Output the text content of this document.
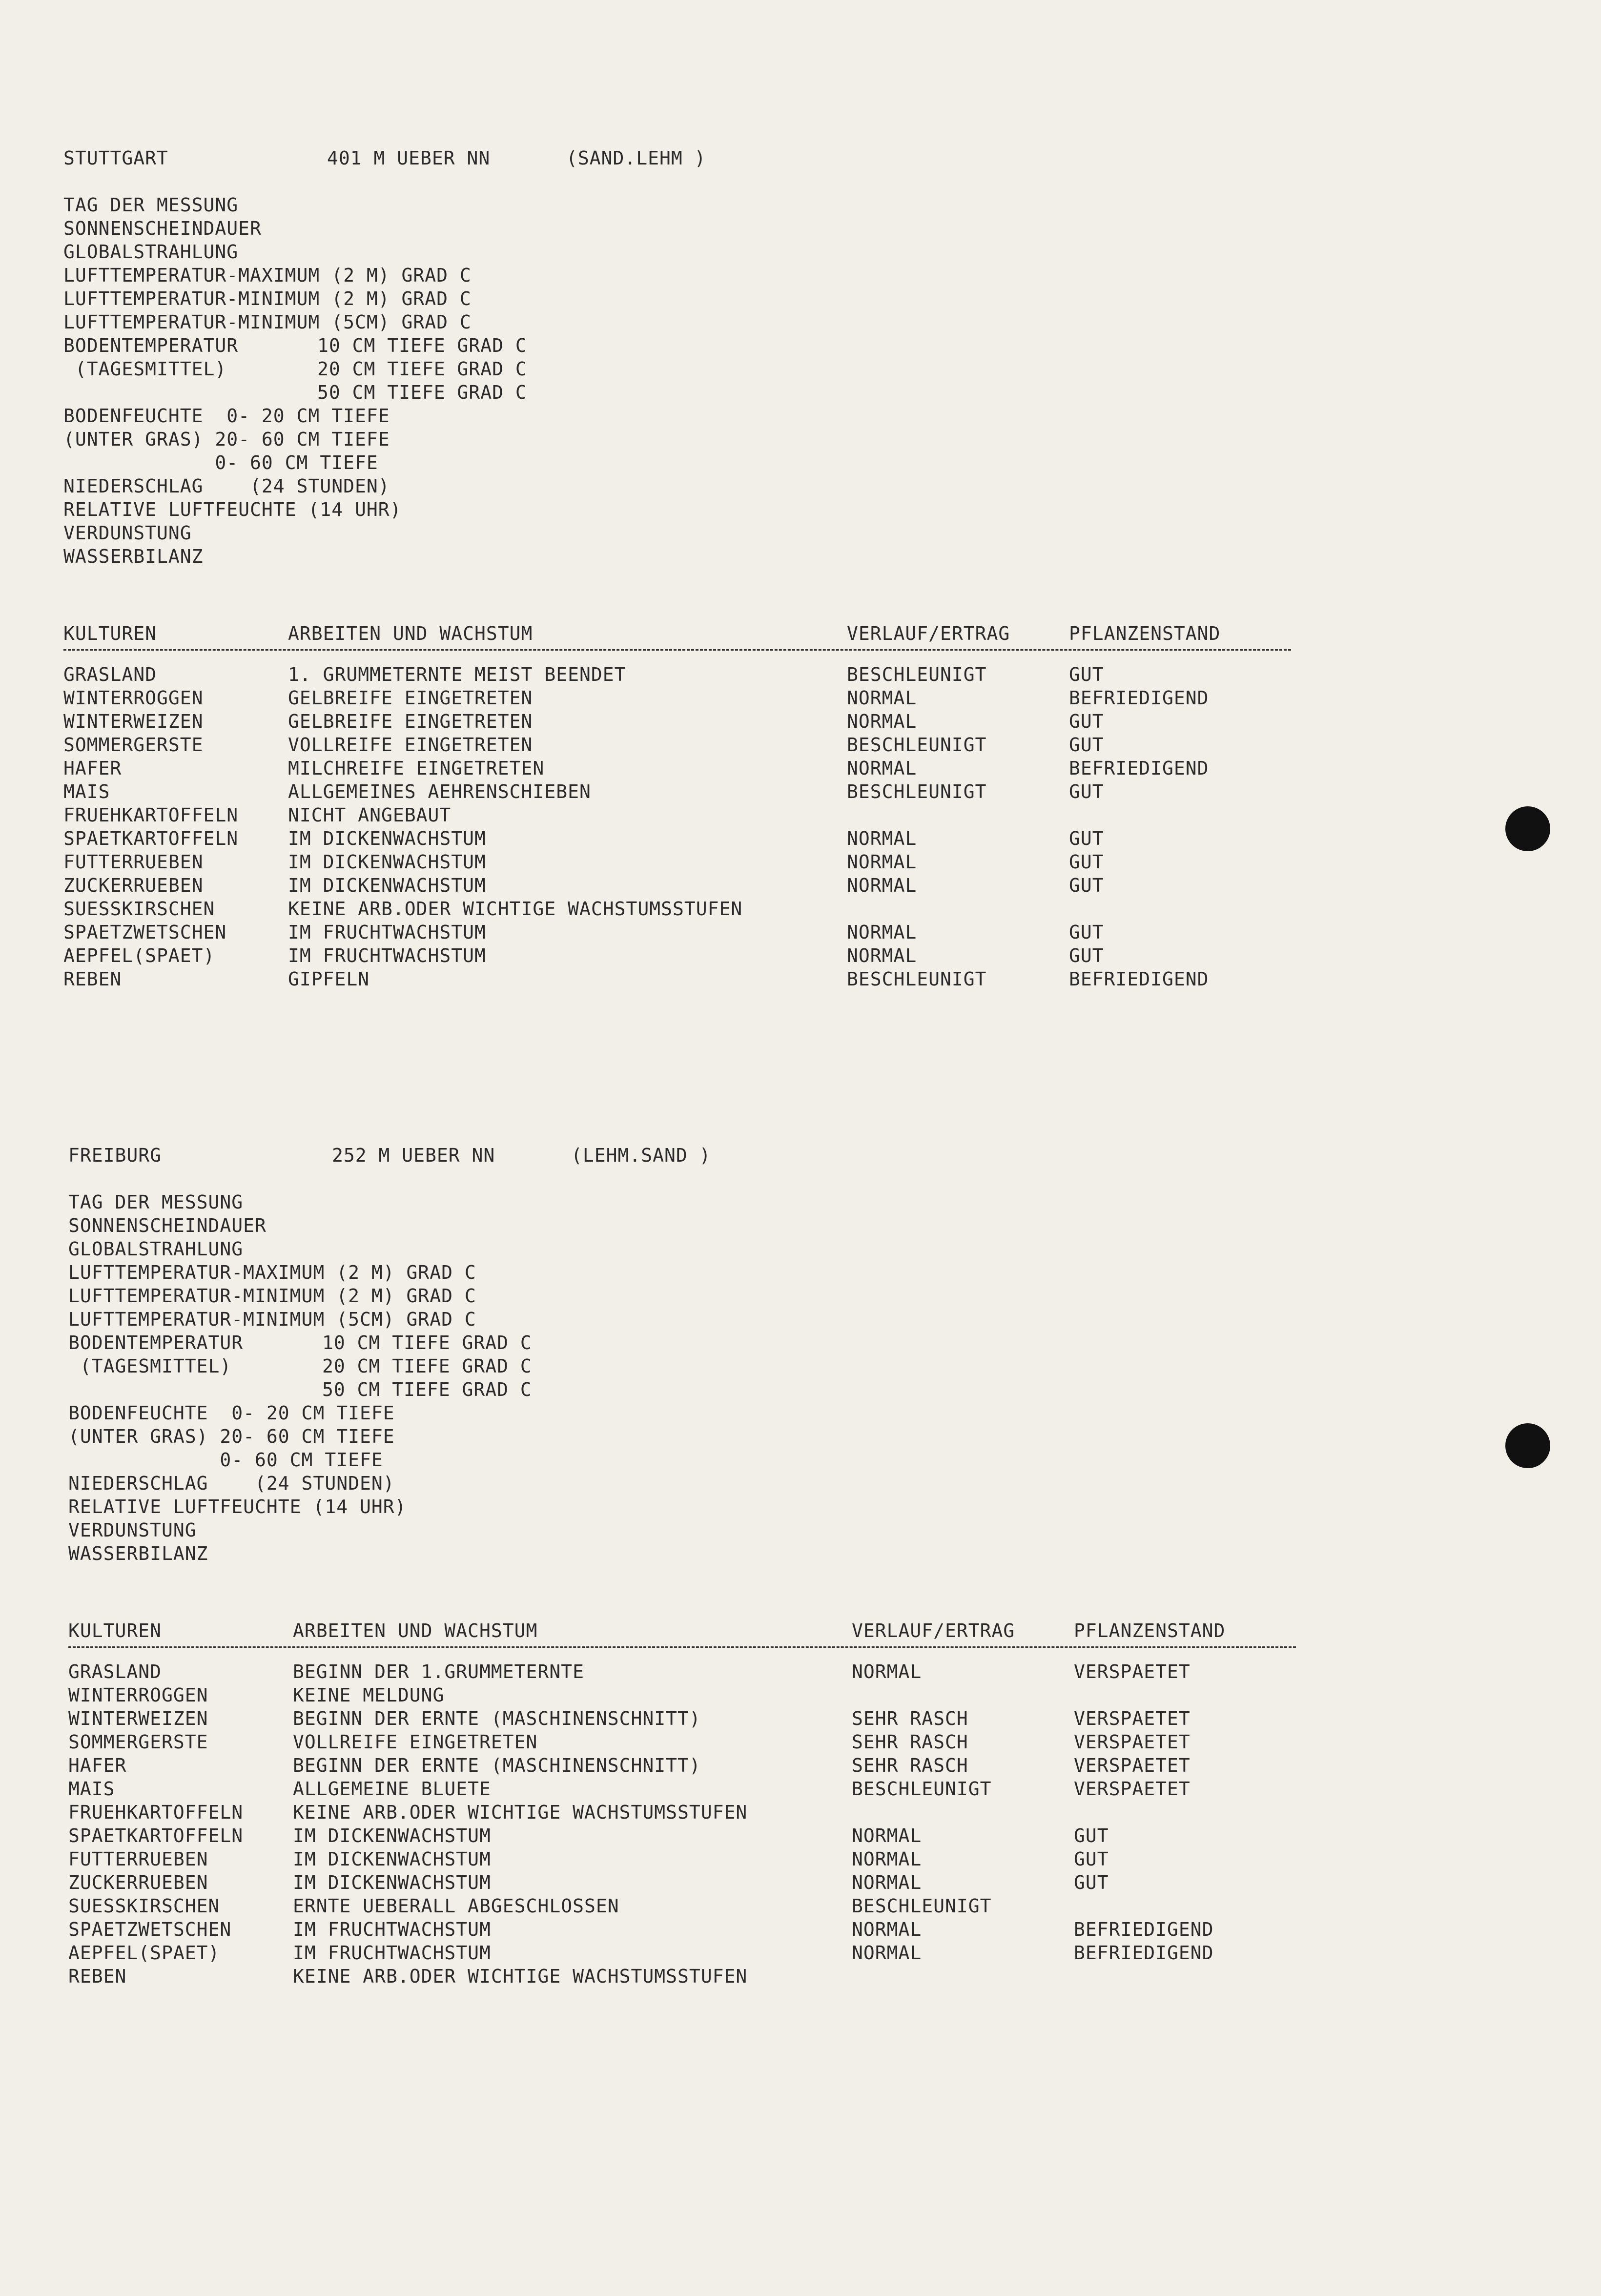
STUTTGART	401 M UEBER NN	(SAND.LEHM )
TAG DER MESSUNG
SONNENSCHEINDAUER
GLOBALSTRAHLUNG
LUFTTEMPERATUR-MAXIMUM (2 M) GRAD C
LUFTTEMPERATUR-MINIMUM (2 M) GRAD C
LUFTTEMPERATUR-MINIMUM (5CM) GRAD C
BODENTEMPERATUR	10 CM TIEFE GRAD C
(TAGESMITTEL)	20 CM TIEFE GRAD C
50 CM TIEFE GRAD C
BODENFEUCHTE  0- 20 CM TIEFE
(UNTER GRAS) 20- 60 CM TIEFE
0- 60 CM TIEFE
NIEDERSCHLAG    (24 STUNDEN)
RELATIVE LUFTFEUCHTE (14 UHR)
VERDUNSTUNG
WASSERBILANZ
KULTUREN	ARBEITEN UND WACHSTUM	VERLAUF/ERTRAG	PFLANZENSTAND
GRASLAND	1. GRUMMETERNTE MEIST BEENDET	BESCHLEUNIGT	GUT
WINTERROGGEN	GELBREIFE EINGETRETEN	NORMAL	BEFRIEDIGEND
WINTERWEIZEN	GELBREIFE EINGETRETEN	NORMAL	GUT
SOMMERGERSTE	VOLLREIFE EINGETRETEN	BESCHLEUNIGT	GUT
HAFER	MILCHREIFE EINGETRETEN	NORMAL	BEFRIEDIGEND
MAIS	ALLGEMEINES AEHRENSCHIEBEN	BESCHLEUNIGT	GUT
FRUEHKARTOFFELN	NICHT ANGEBAUT
SPAETKARTOFFELN	IM DICKENWACHSTUM	NORMAL	GUT
FUTTERRUEBEN	IM DICKENWACHSTUM	NORMAL	GUT
ZUCKERRUEBEN	IM DICKENWACHSTUM	NORMAL	GUT
SUESSKIRSCHEN	KEINE ARB.ODER WICHTIGE WACHSTUMSSTUFEN
SPAETZWETSCHEN	IM FRUCHTWACHSTUM	NORMAL	GUT
AEPFEL(SPAET)	IM FRUCHTWACHSTUM	NORMAL	GUT
REBEN	GIPFELN	BESCHLEUNIGT	BEFRIEDIGEND
FREIBURG	252 M UEBER NN	(LEHM.SAND )
TAG DER MESSUNG
SONNENSCHEINDAUER
GLOBALSTRAHLUNG
LUFTTEMPERATUR-MAXIMUM (2 M) GRAD C
LUFTTEMPERATUR-MINIMUM (2 M) GRAD C
LUFTTEMPERATUR-MINIMUM (5CM) GRAD C
BODENTEMPERATUR	10 CM TIEFE GRAD C
(TAGESMITTEL)	20 CM TIEFE GRAD C
50 CM TIEFE GRAD C
BODENFEUCHTE  0- 20 CM TIEFE
(UNTER GRAS) 20- 60 CM TIEFE
0- 60 CM TIEFE
NIEDERSCHLAG    (24 STUNDEN)
RELATIVE LUFTFEUCHTE (14 UHR)
VERDUNSTUNG
WASSERBILANZ
KULTUREN	ARBEITEN UND WACHSTUM	VERLAUF/ERTRAG	PFLANZENSTAND
GRASLAND	BEGINN DER 1.GRUMMETERNTE	NORMAL	VERSPAETET
WINTERROGGEN	KEINE MELDUNG
WINTERWEIZEN	BEGINN DER ERNTE (MASCHINENSCHNITT)	SEHR RASCH	VERSPAETET
SOMMERGERSTE	VOLLREIFE EINGETRETEN	SEHR RASCH	VERSPAETET
HAFER	BEGINN DER ERNTE (MASCHINENSCHNITT)	SEHR RASCH	VERSPAETET
MAIS	ALLGEMEINE BLUETE	BESCHLEUNIGT	VERSPAETET
FRUEHKARTOFFELN	KEINE ARB.ODER WICHTIGE WACHSTUMSSTUFEN
SPAETKARTOFFELN	IM DICKENWACHSTUM	NORMAL	GUT
FUTTERRUEBEN	IM DICKENWACHSTUM	NORMAL	GUT
ZUCKERRUEBEN	IM DICKENWACHSTUM	NORMAL	GUT
SUESSKIRSCHEN	ERNTE UEBERALL ABGESCHLOSSEN	BESCHLEUNIGT
SPAETZWETSCHEN	IM FRUCHTWACHSTUM	NORMAL	BEFRIEDIGEND
AEPFEL(SPAET)	IM FRUCHTWACHSTUM	NORMAL	BEFRIEDIGEND
REBEN	KEINE ARB.ODER WICHTIGE WACHSTUMSSTUFEN
